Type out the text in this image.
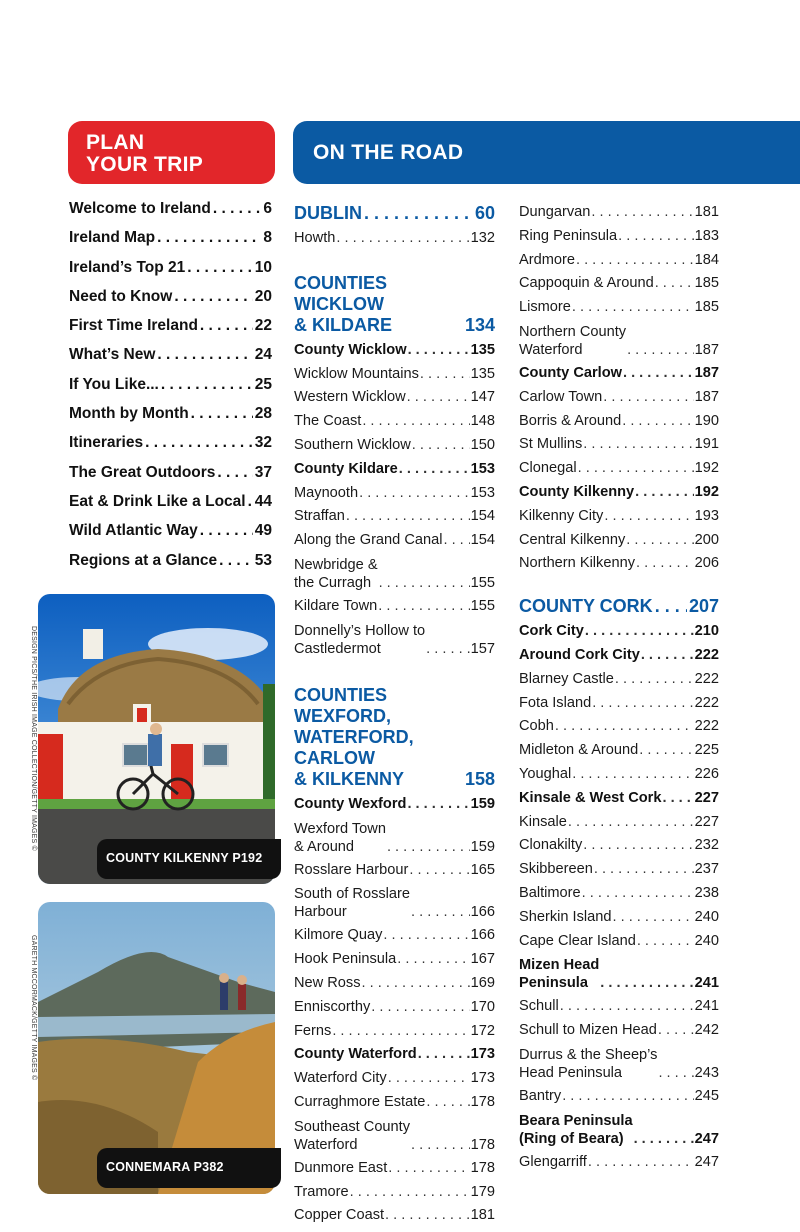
PLAN
YOUR TRIP
ON THE ROAD
Welcome to Ireland . . .	6
Ireland Map . . .	8
Ireland’s Top 21 . . .	10
Need to Know . . .	20
First Time Ireland . . .	22
What’s New . . .	24
If You Like... . . .	25
Month by Month . . .	28
Itineraries . . .	32
The Great Outdoors . . .	37
Eat & Drink Like a Local . . . 44
Wild Atlantic Way . . .	49
Regions at a Glance . . . 53
DESIGN PICS/THE IRISH IMAGE COLLECTION/GETTY IMAGES ©
COUNTY KILKENNY P192
GARETH MCCORMACK/GETTY IMAGES ©
CONNEMARA P382
DUBLIN . . .	60
Howth . . .	132
COUNTIES WICKLOW
& KILDARE	134
County Wicklow . . .	135
Wicklow Mountains . . .	135
Western Wicklow . . .	147
The Coast . . .	148
Southern Wicklow . . .	150
County Kildare . . .	153
Maynooth . . .	153
Straffan . . .	154
Along the Grand Canal . . . 154
Newbridge &
the Curragh . . .	155
Kildare Town . . .	155
Donnelly’s Hollow to
Castledermot . . .	157
COUNTIES WEXFORD,
WATERFORD, CARLOW
& KILKENNY	158
County Wexford . . .	159
Wexford Town
& Around . . .	159
Rosslare Harbour . . .	165
South of Rosslare
Harbour . . .	166
Kilmore Quay . . .	166
Hook Peninsula . . .	167
New Ross . . .	169
Enniscorthy . . .	170
Ferns . . .	172
County Waterford . . .	173
Waterford City . . .	173
Curraghmore Estate . . .	178
Southeast County
Waterford . . .	178
Dunmore East . . .	178
Tramore . . .	179
Copper Coast . . .	181
Dungarvan . . .	181
Ring Peninsula . . .	183
Ardmore . . .	184
Cappoquin & Around . . .	185
Lismore . . .	185
Northern County
Waterford . . .	187
County Carlow . . .	187
Carlow Town . . .	187
Borris & Around . . .	190
St Mullins . . .	191
Clonegal . . .	192
County Kilkenny . . .	192
Kilkenny City . . .	193
Central Kilkenny . . .	200
Northern Kilkenny . . .	206
COUNTY CORK . . . 207
Cork City . . .	210
Around Cork City . . .	222
Blarney Castle . . .	222
Fota Island . . .	222
Cobh . . .	222
Midleton & Around . . .	225
Youghal . . .	226
Kinsale & West Cork . . . 227
Kinsale . . .	227
Clonakilty . . .	232
Skibbereen . . .	237
Baltimore . . .	238
Sherkin Island . . .	240
Cape Clear Island . . .	240
Mizen Head
Peninsula . . .	241
Schull . . .	241
Schull to Mizen Head . . .	242
Durrus & the Sheep’s
Head Peninsula . . .	243
Bantry . . .	245
Beara Peninsula
(Ring of Beara) . . .	247
Glengarriff . . .	247
